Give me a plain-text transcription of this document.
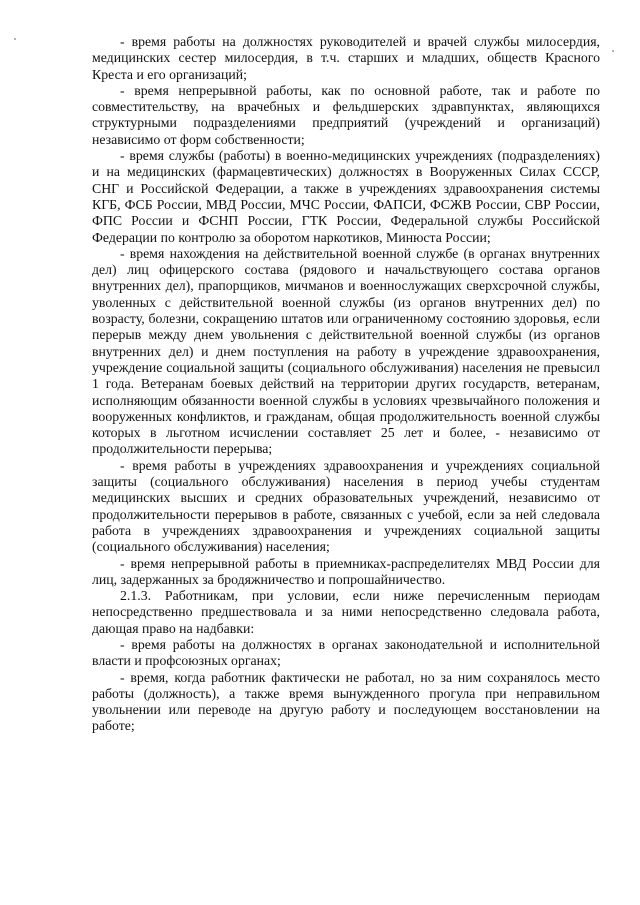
- время работы на должностях руководителей и врачей службы милосердия, медицинских сестер милосердия, в т.ч. старших и младших, обществ Красного Креста и его организаций;

- время непрерывной работы, как по основной работе, так и работе по совместительству, на врачебных и фельдшерских здравпунктах, являющихся структурными подразделениями предприятий (учреждений и организаций) независимо от форм собственности;

- время службы (работы) в военно-медицинских учреждениях (подразделениях) и на медицинских (фармацевтических) должностях в Вооруженных Силах СССР, СНГ и Российской Федерации, а также в учреждениях здравоохранения системы КГБ, ФСБ России, МВД России, МЧС России, ФАПСИ, ФСЖВ России, СВР России, ФПС России и ФСНП России, ГТК России, Федеральной службы Российской Федерации по контролю за оборотом наркотиков, Минюста России;

- время нахождения на действительной военной службе (в органах внутренних дел) лиц офицерского состава (рядового и начальствующего состава органов внутренних дел), прапорщиков, мичманов и военнослужащих сверхсрочной службы, уволенных с действительной военной службы (из органов внутренних дел) по возрасту, болезни, сокращению штатов или ограниченному состоянию здоровья, если перерыв между днем увольнения с действительной военной службы (из органов внутренних дел) и днем поступления на работу в учреждение здравоохранения, учреждение социальной защиты (социального обслуживания) населения не превысил 1 года. Ветеранам боевых действий на территории других государств, ветеранам, исполняющим обязанности военной службы в условиях чрезвычайного положения и вооруженных конфликтов, и гражданам, общая продолжительность военной службы которых в льготном исчислении составляет 25 лет и более, - независимо от продолжительности перерыва;

- время работы в учреждениях здравоохранения и учреждениях социальной защиты (социального обслуживания) населения в период учебы студентам медицинских высших и средних образовательных учреждений, независимо от продолжительности перерывов в работе, связанных с учебой, если за ней следовала работа в учреждениях здравоохранения и учреждениях социальной защиты (социального обслуживания) населения;

- время непрерывной работы в приемниках-распределителях МВД России для лиц, задержанных за бродяжничество и попрошайничество.

2.1.3. Работникам, при условии, если ниже перечисленным периодам непосредственно предшествовала и за ними непосредственно следовала работа, дающая право на надбавки:

- время работы на должностях в органах законодательной и исполнительной власти и профсоюзных органах;

- время, когда работник фактически не работал, но за ним сохранялось место работы (должность), а также время вынужденного прогула при неправильном увольнении или переводе на другую работу и последующем восстановлении на работе;
